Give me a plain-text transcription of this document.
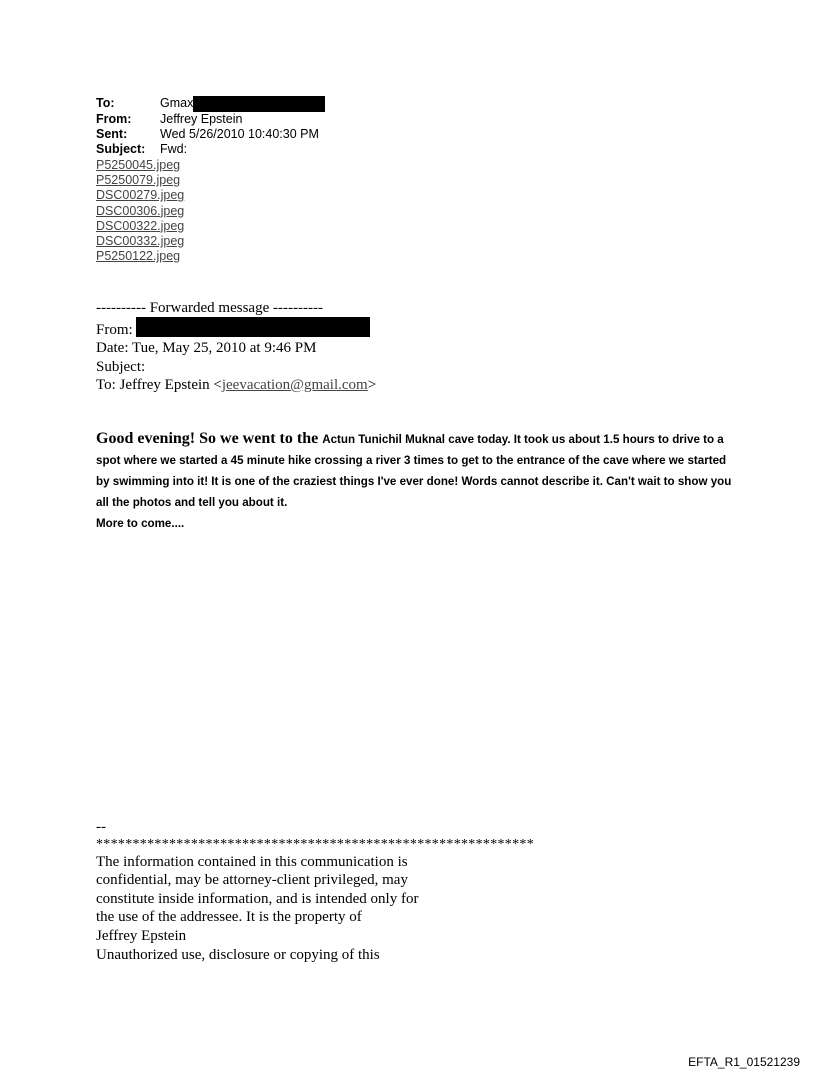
To:	Gmax
From:	Jeffrey Epstein
Sent:	Wed 5/26/2010 10:40:30 PM
Subject:	Fwd:
P5250045.jpeg
P5250079.jpeg
DSC00279.jpeg
DSC00306.jpeg
DSC00322.jpeg
DSC00332.jpeg
P5250122.jpeg
---------- Forwarded message ----------
From:
Date: Tue, May 25, 2010 at 9:46 PM
Subject:
To: Jeffrey Epstein <jeevacation@gmail.com>
Good evening! So we went to the Actun Tunichil Muknal cave today. It took us about 1.5 hours to drive to a spot where we started a 45 minute hike crossing a river 3 times to get to the entrance of the cave where we started by swimming into it! It is one of the craziest things I've ever done! Words cannot describe it. Can't wait to show you all the photos and tell you about it.
More to come....
--
************************************************************
The information contained in this communication is
confidential, may be attorney-client privileged, may
constitute inside information, and is intended only for
the use of the addressee. It is the property of
Jeffrey Epstein
Unauthorized use, disclosure or copying of this
EFTA_R1_01521239
